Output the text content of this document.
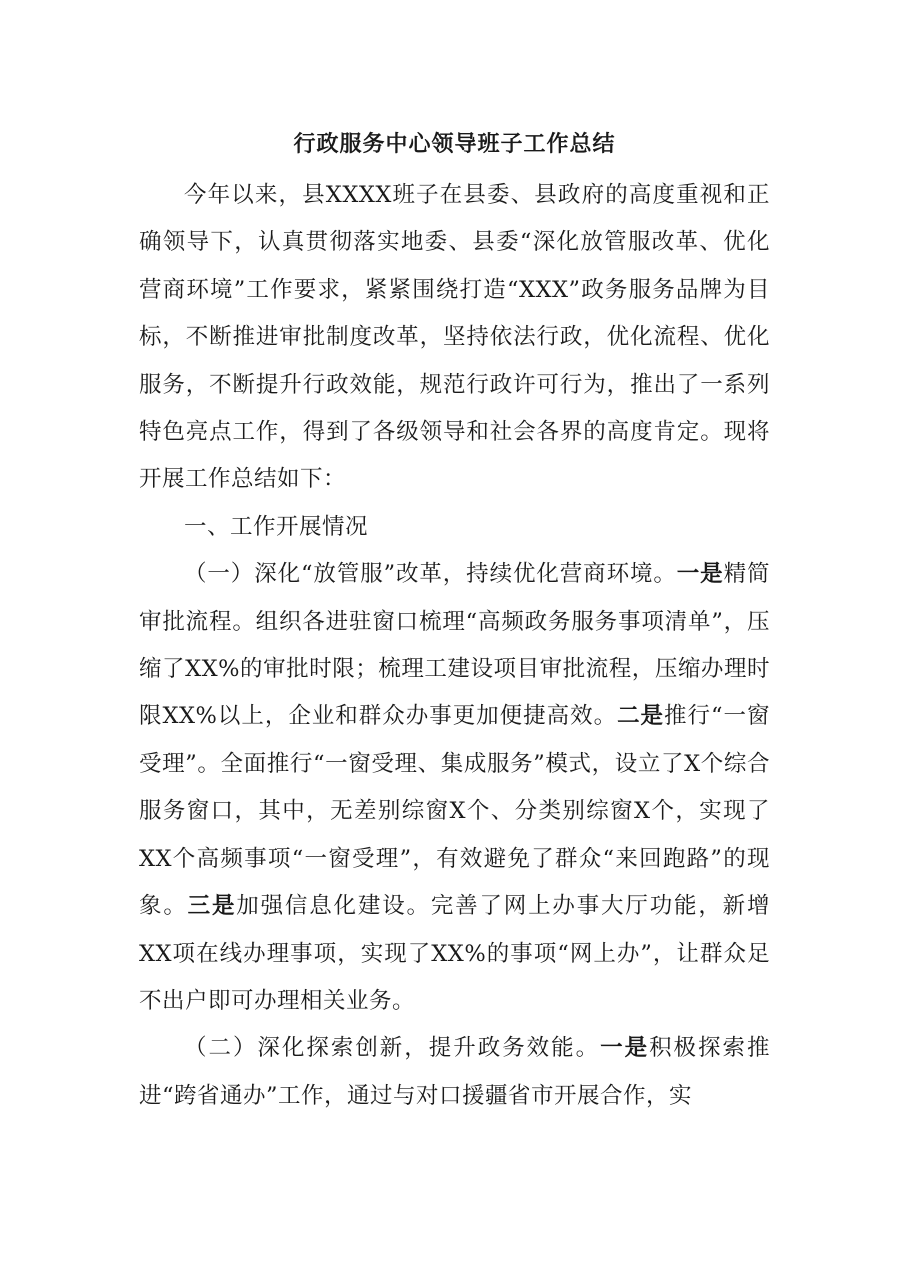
行政服务中心领导班子工作总结

今年以来，县XXXX班子在县委、县政府的高度重视和正确领导下，认真贯彻落实地委、县委“深化放管服改革、优化营商环境”工作要求，紧紧围绕打造“XXX”政务服务品牌为目标，不断推进审批制度改革，坚持依法行政，优化流程、优化服务，不断提升行政效能，规范行政许可行为，推出了一系列特色亮点工作，得到了各级领导和社会各界的高度肯定。现将开展工作总结如下：

一、工作开展情况

（一）深化“放管服”改革，持续优化营商环境。一是精简审批流程。组织各进驻窗口梳理“高频政务服务事项清单”，压缩了XX%的审批时限；梳理工建设项目审批流程，压缩办理时限XX%以上，企业和群众办事更加便捷高效。二是推行“一窗受理”。全面推行“一窗受理、集成服务”模式，设立了X个综合服务窗口，其中，无差别综窗X个、分类别综窗X个，实现了XX个高频事项“一窗受理”，有效避免了群众“来回跑路”的现象。三是加强信息化建设。完善了网上办事大厅功能，新增XX项在线办理事项，实现了XX%的事项“网上办”，让群众足不出户即可办理相关业务。

（二）深化探索创新，提升政务效能。一是积极探索推进“跨省通办”工作，通过与对口援疆省市开展合作，实
